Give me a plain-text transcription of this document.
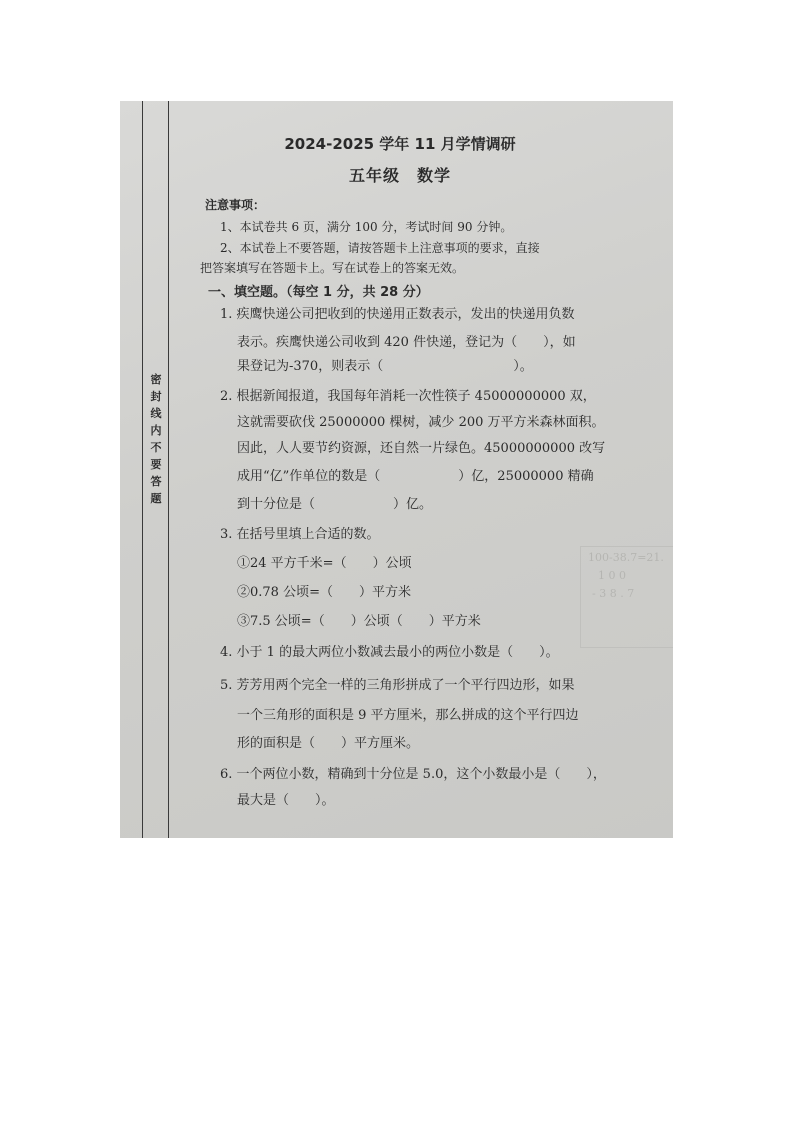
密
封
线
内
不
要
答
题
100-38.7=21.
1 0 0
- 3 8 . 7
2024-2025 学年 11 月学情调研
五年级　数学
注意事项：
1、本试卷共 6 页，满分 100 分，考试时间 90 分钟。
2、本试卷上不要答题，请按答题卡上注意事项的要求，直接
把答案填写在答题卡上。写在试卷上的答案无效。
一、填空题。（每空 1 分，共 28 分）
1. 疾鹰快递公司把收到的快递用正数表示，发出的快递用负数
表示。疾鹰快递公司收到 420 件快递，登记为（　　），如
果登记为-370，则表示（　　　　　　　　　　）。
2. 根据新闻报道，我国每年消耗一次性筷子 45000000000 双，
这就需要砍伐 25000000 棵树，减少 200 万平方米森林面积。
因此，人人要节约资源，还自然一片绿色。45000000000 改写
成用“亿”作单位的数是（　　　　　　）亿，25000000 精确
到十分位是（　　　　　　）亿。
3. 在括号里填上合适的数。
①24 平方千米=（　　）公顷
②0.78 公顷=（　　）平方米
③7.5 公顷=（　　）公顷（　　）平方米
4. 小于 1 的最大两位小数减去最小的两位小数是（　　）。
5. 芳芳用两个完全一样的三角形拼成了一个平行四边形，如果
一个三角形的面积是 9 平方厘米，那么拼成的这个平行四边
形的面积是（　　）平方厘米。
6. 一个两位小数，精确到十分位是 5.0，这个小数最小是（　　），
最大是（　　）。
